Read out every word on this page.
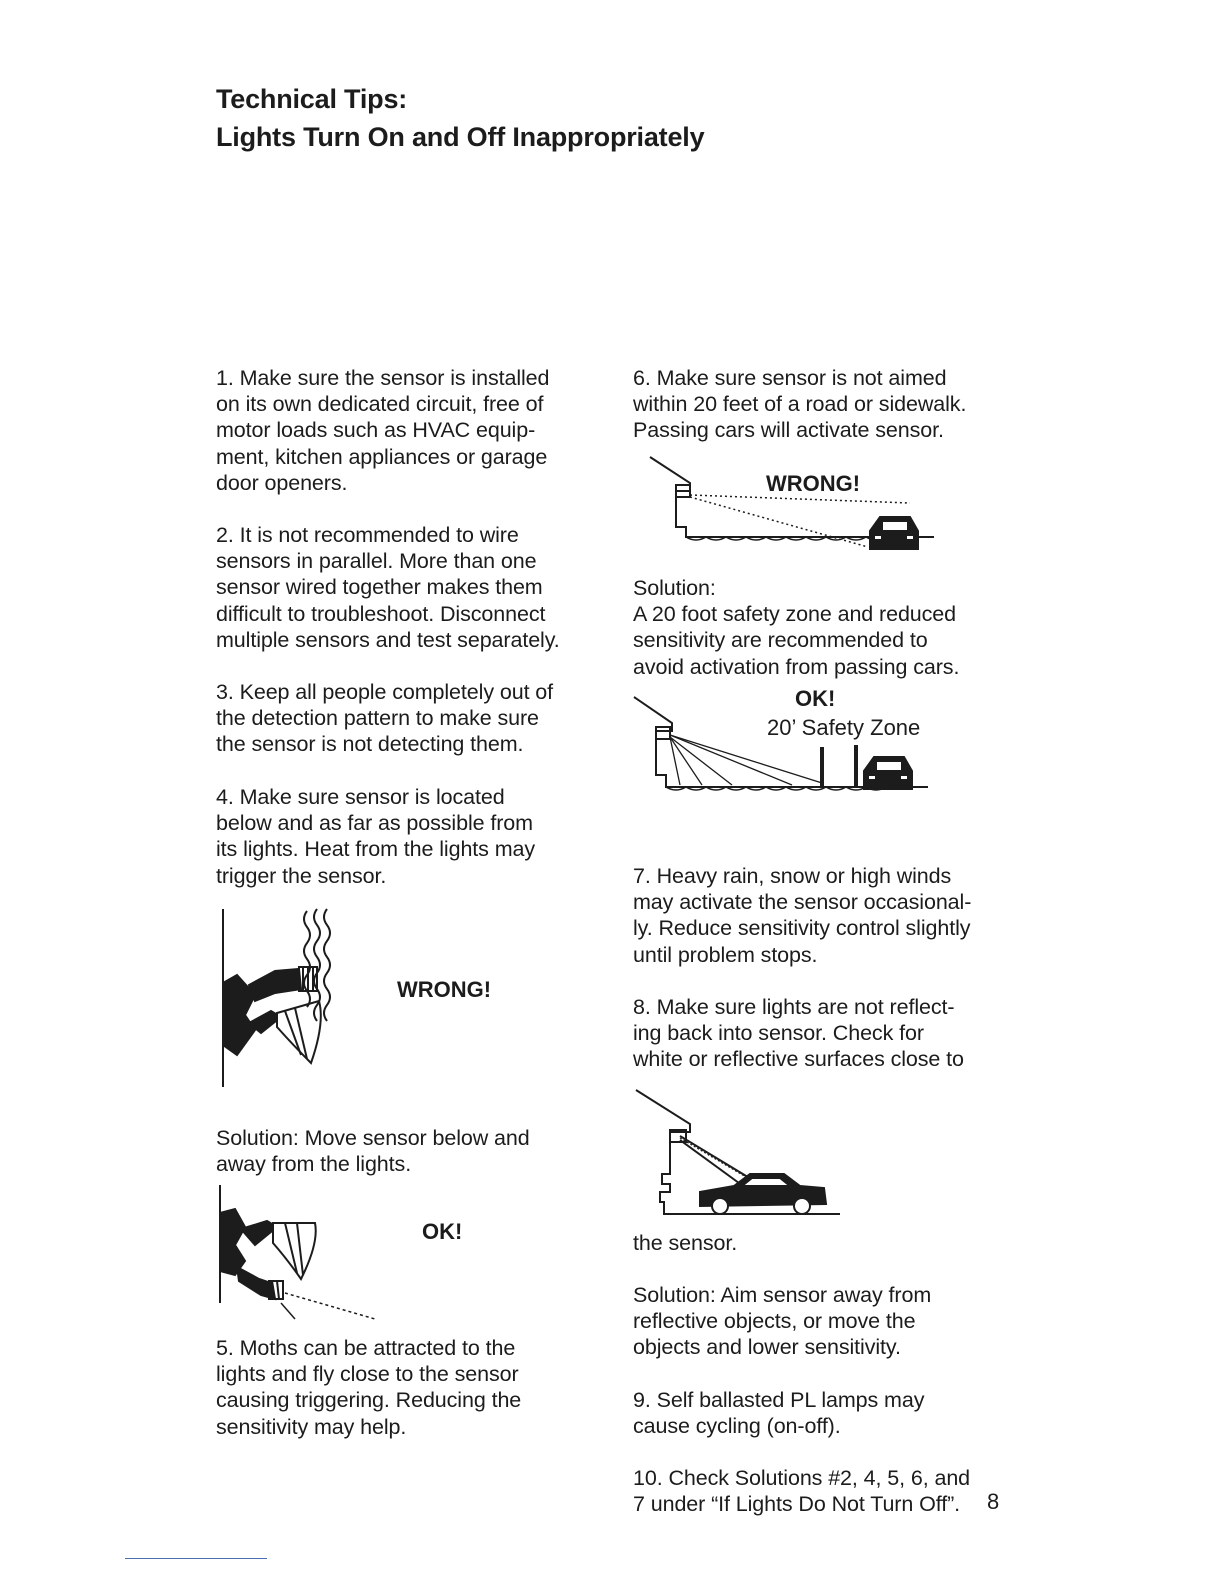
Technical Tips:
Lights Turn On and Off Inappropriately
1. Make sure the sensor is installed
on its own dedicated circuit, free of
motor loads such as HVAC equip-
ment, kitchen appliances or garage
door openers.
2. It is not recommended to wire
sensors in parallel. More than one
sensor wired together makes them
difficult to troubleshoot. Disconnect
multiple sensors and test separately.
3. Keep all people completely out of
the detection pattern to make sure
the sensor is not detecting them.
4. Make sure sensor is located
below and as far as possible from
its lights. Heat from the lights may
trigger the sensor.
WRONG!
Solution: Move sensor below and
away from the lights.
OK!
5. Moths can be attracted to the
lights and fly close to the sensor
causing triggering. Reducing the
sensitivity may help.
6. Make sure sensor is not aimed
within 20 feet of a road or sidewalk.
Passing cars will activate sensor.
WRONG!
Solution:
A 20 foot safety zone and reduced
sensitivity are recommended to
avoid activation from passing cars.
OK!
20’ Safety Zone
7. Heavy rain, snow or high winds
may activate the sensor occasional-
ly. Reduce sensitivity control slightly
until problem stops.
8. Make sure lights are not reflect-
ing back into sensor. Check for
white or reflective surfaces close to
the sensor.
Solution: Aim sensor away from
reflective objects, or move the
objects and lower sensitivity.
9. Self ballasted PL lamps may
cause cycling (on-off).
10. Check Solutions #2, 4, 5, 6, and
7 under “If Lights Do Not Turn Off”.	8
